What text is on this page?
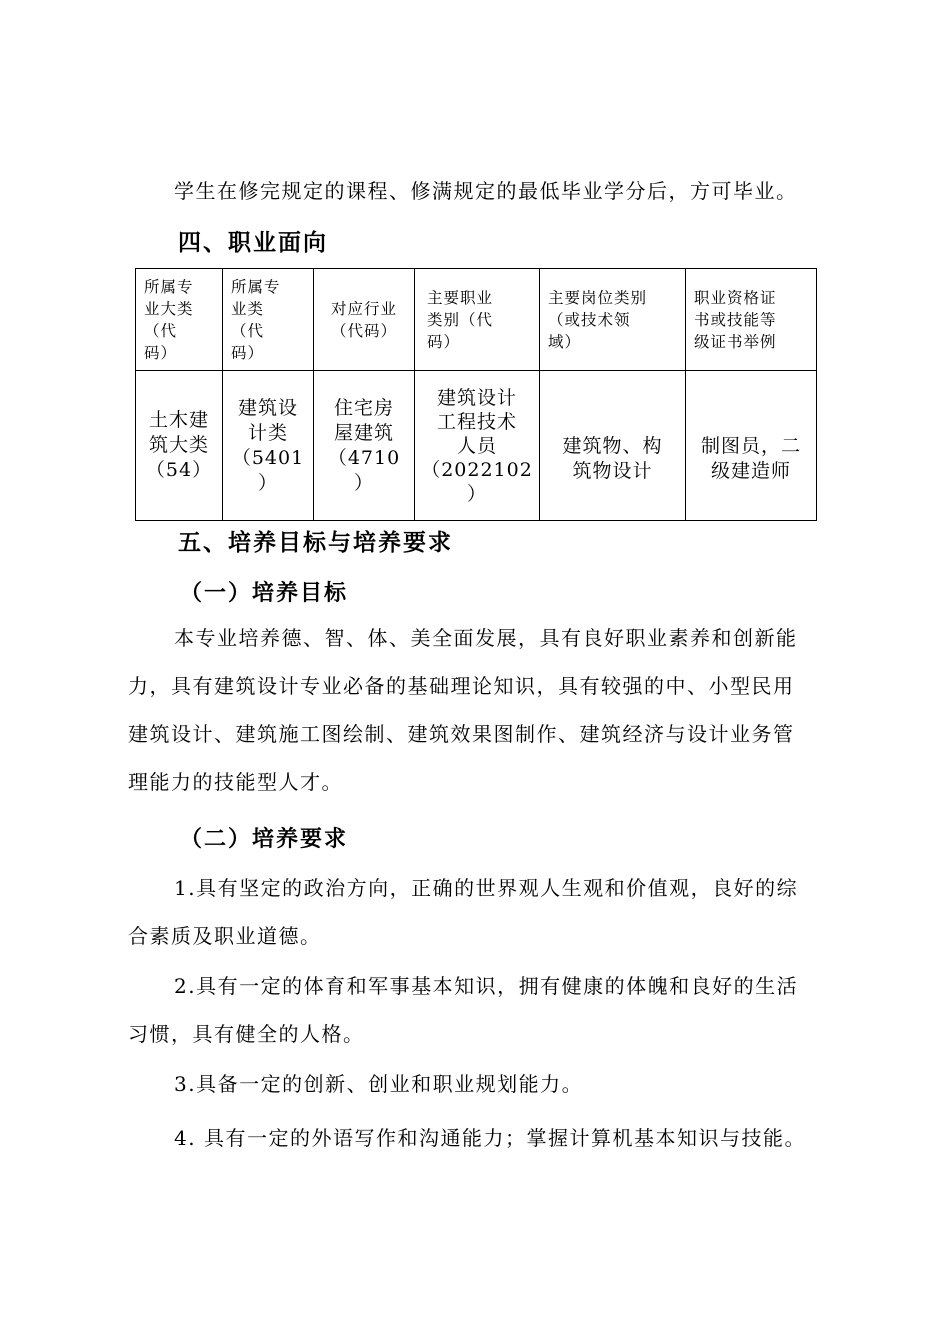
学生在修完规定的课程、修满规定的最低毕业学分后，方可毕业。

四、职业面向
所属专
业大类
（代
码）	所属专
业类
（代
码）	对应行业
（代码）	主要职业
类别（代
码）	主要岗位类别
（或技术领
域）	职业资格证
书或技能等
级证书举例

土木建
筑大类
（54）	建筑设
计类
（5401
）	住宅房
屋建筑
（4710
）	建筑设计
工程技术
人员
（2022102
）	建筑物、构
筑物设计	制图员，二
级建造师
五、培养目标与培养要求
（一）培养目标

本专业培养德、智、体、美全面发展，具有良好职业素养和创新能
力，具有建筑设计专业必备的基础理论知识，具有较强的中、小型民用
建筑设计、建筑施工图绘制、建筑效果图制作、建筑经济与设计业务管
理能力的技能型人才。

（二）培养要求

1.具有坚定的政治方向，正确的世界观人生观和价值观，良好的综
合素质及职业道德。

2.具有一定的体育和军事基本知识，拥有健康的体魄和良好的生活
习惯，具有健全的人格。

3.具备一定的创新、创业和职业规划能力。

4. 具有一定的外语写作和沟通能力；掌握计算机基本知识与技能。
